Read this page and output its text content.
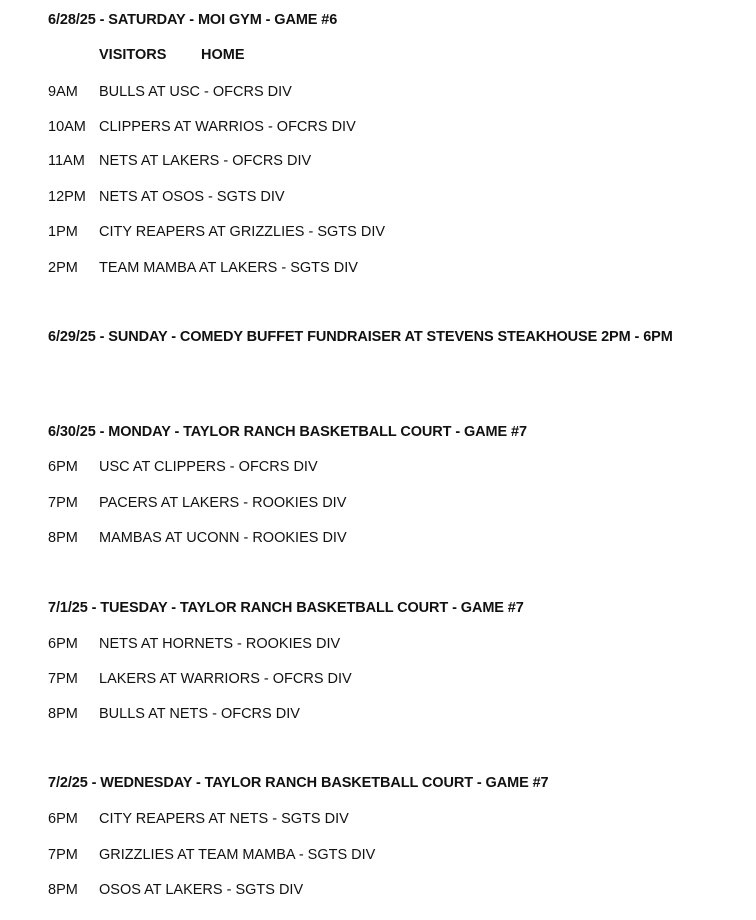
6/28/25 - SATURDAY - MOI GYM - GAME #6
VISITORS HOME
9AM BULLS AT USC - OFCRS DIV
10AM CLIPPERS AT WARRIOS - OFCRS DIV
11AM NETS AT LAKERS - OFCRS DIV
12PM NETS AT OSOS - SGTS DIV
1PM CITY REAPERS AT GRIZZLIES - SGTS DIV
2PM TEAM MAMBA AT LAKERS - SGTS DIV
6/29/25 - SUNDAY - COMEDY BUFFET FUNDRAISER AT STEVENS STEAKHOUSE 2PM - 6PM
6/30/25 - MONDAY - TAYLOR RANCH BASKETBALL COURT - GAME #7
6PM USC AT CLIPPERS - OFCRS DIV
7PM PACERS AT LAKERS - ROOKIES DIV
8PM MAMBAS AT UCONN - ROOKIES DIV
7/1/25 - TUESDAY - TAYLOR RANCH BASKETBALL COURT - GAME #7
6PM NETS AT HORNETS - ROOKIES DIV
7PM LAKERS AT WARRIORS - OFCRS DIV
8PM BULLS AT NETS - OFCRS DIV
7/2/25 - WEDNESDAY - TAYLOR RANCH BASKETBALL COURT - GAME #7
6PM CITY REAPERS AT NETS - SGTS DIV
7PM GRIZZLIES AT TEAM MAMBA - SGTS DIV
8PM OSOS AT LAKERS - SGTS DIV
